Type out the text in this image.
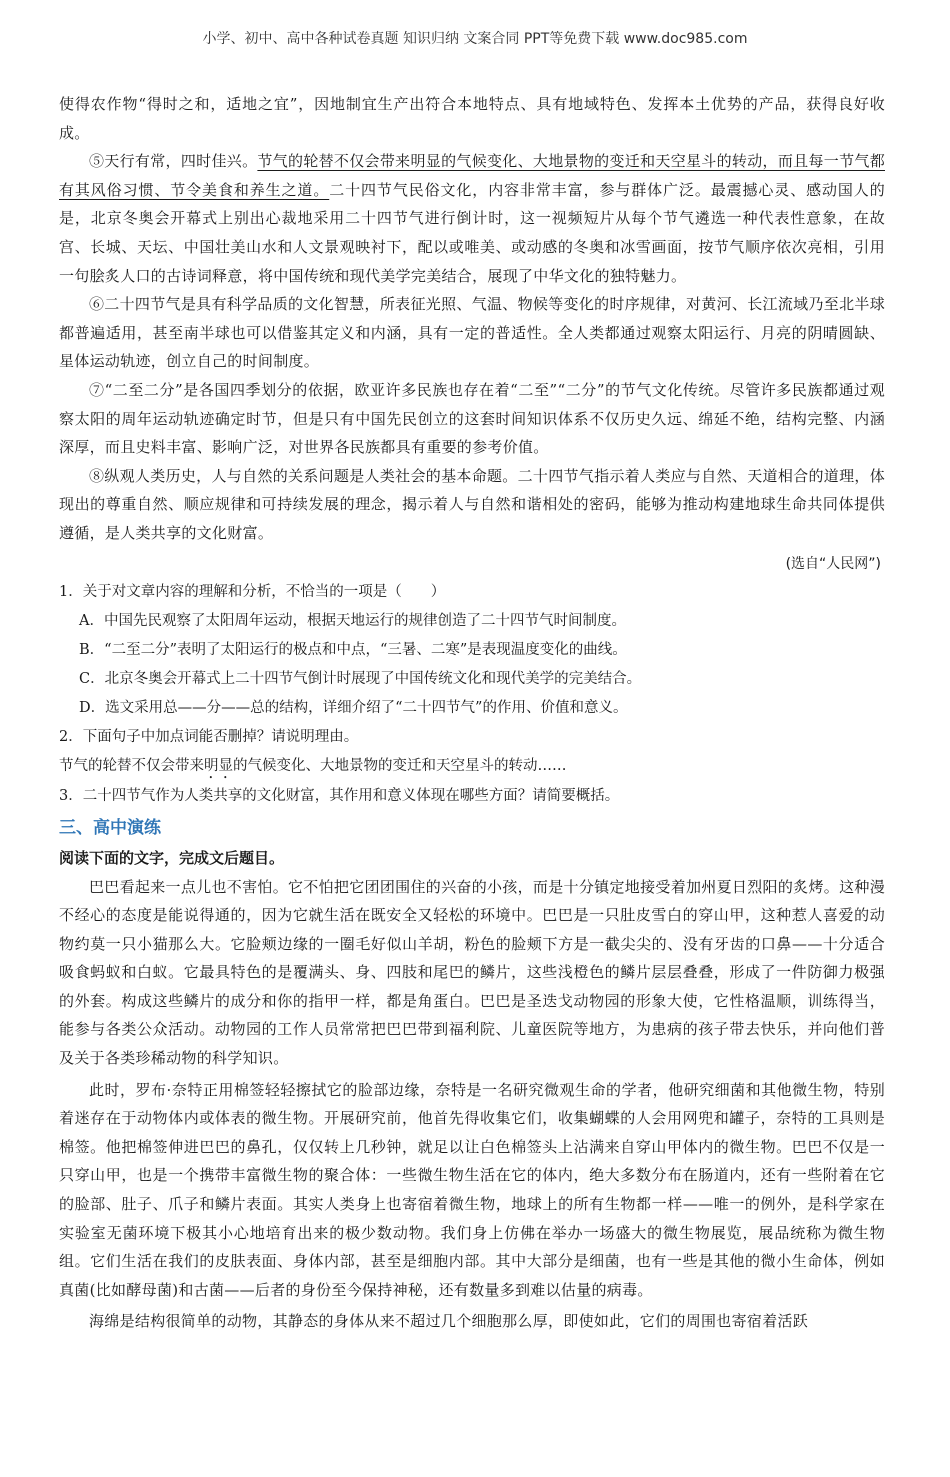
小学、初中、高中各种试卷真题 知识归纳 文案合同 PPT等免费下载 www.doc985.com

使得农作物“得时之和，适地之宜”，因地制宜生产出符合本地特点、具有地域特色、发挥本土优势的产品，获得良好收成。

⑤天行有常，四时佳兴。节气的轮替不仅会带来明显的气候变化、大地景物的变迁和天空星斗的转动，而且每一节气都有其风俗习惯、节令美食和养生之道。二十四节气民俗文化，内容非常丰富，参与群体广泛。最震撼心灵、感动国人的是，北京冬奥会开幕式上别出心裁地采用二十四节气进行倒计时，这一视频短片从每个节气遴选一种代表性意象，在故宫、长城、天坛、中国壮美山水和人文景观映衬下，配以或唯美、或动感的冬奥和冰雪画面，按节气顺序依次亮相，引用一句脍炙人口的古诗词释意，将中国传统和现代美学完美结合，展现了中华文化的独特魅力。

⑥二十四节气是具有科学品质的文化智慧，所表征光照、气温、物候等变化的时序规律，对黄河、长江流域乃至北半球都普遍适用，甚至南半球也可以借鉴其定义和内涵，具有一定的普适性。全人类都通过观察太阳运行、月亮的阴晴圆缺、星体运动轨迹，创立自己的时间制度。

⑦“二至二分”是各国四季划分的依据，欧亚许多民族也存在着“二至”“二分”的节气文化传统。尽管许多民族都通过观察太阳的周年运动轨迹确定时节，但是只有中国先民创立的这套时间知识体系不仅历史久远、绵延不绝，结构完整、内涵深厚，而且史料丰富、影响广泛，对世界各民族都具有重要的参考价值。

⑧纵观人类历史，人与自然的关系问题是人类社会的基本命题。二十四节气指示着人类应与自然、天道相合的道理，体现出的尊重自然、顺应规律和可持续发展的理念，揭示着人与自然和谐相处的密码，能够为推动构建地球生命共同体提供遵循，是人类共享的文化财富。

(选自“人民网”)

1．关于对文章内容的理解和分析，不恰当的一项是（　　）

A．中国先民观察了太阳周年运动，根据天地运行的规律创造了二十四节气时间制度。

B．“二至二分”表明了太阳运行的极点和中点，“三暑、二寒”是表现温度变化的曲线。

C．北京冬奥会开幕式上二十四节气倒计时展现了中国传统文化和现代美学的完美结合。

D．选文采用总——分——总的结构，详细介绍了“二十四节气”的作用、价值和意义。

2．下面句子中加点词能否删掉？请说明理由。

节气的轮替不仅会带来明显的气候变化、大地景物的变迁和天空星斗的转动……

3．二十四节气作为人类共享的文化财富，其作用和意义体现在哪些方面？请简要概括。

三、高中演练

阅读下面的文字，完成文后题目。

巴巴看起来一点儿也不害怕。它不怕把它团团围住的兴奋的小孩，而是十分镇定地接受着加州夏日烈阳的炙烤。这种漫不经心的态度是能说得通的，因为它就生活在既安全又轻松的环境中。巴巴是一只肚皮雪白的穿山甲，这种惹人喜爱的动物约莫一只小猫那么大。它脸颊边缘的一圈毛好似山羊胡，粉色的脸颊下方是一截尖尖的、没有牙齿的口鼻——十分适合吸食蚂蚁和白蚁。它最具特色的是覆满头、身、四肢和尾巴的鳞片，这些浅橙色的鳞片层层叠叠，形成了一件防御力极强的外套。构成这些鳞片的成分和你的指甲一样，都是角蛋白。巴巴是圣迭戈动物园的形象大使，它性格温顺，训练得当，能参与各类公众活动。动物园的工作人员常常把巴巴带到福利院、儿童医院等地方，为患病的孩子带去快乐，并向他们普及关于各类珍稀动物的科学知识。

此时，罗布·奈特正用棉签轻轻擦拭它的脸部边缘，奈特是一名研究微观生命的学者，他研究细菌和其他微生物，特别着迷存在于动物体内或体表的微生物。开展研究前，他首先得收集它们，收集蝴蝶的人会用网兜和罐子，奈特的工具则是棉签。他把棉签伸进巴巴的鼻孔，仅仅转上几秒钟，就足以让白色棉签头上沾满来自穿山甲体内的微生物。巴巴不仅是一只穿山甲，也是一个携带丰富微生物的聚合体：一些微生物生活在它的体内，绝大多数分布在肠道内，还有一些附着在它的脸部、肚子、爪子和鳞片表面。其实人类身上也寄宿着微生物，地球上的所有生物都一样——唯一的例外，是科学家在实验室无菌环境下极其小心地培育出来的极少数动物。我们身上仿佛在举办一场盛大的微生物展览，展品统称为微生物组。它们生活在我们的皮肤表面、身体内部，甚至是细胞内部。其中大部分是细菌，也有一些是其他的微小生命体，例如真菌(比如酵母菌)和古菌——后者的身份至今保持神秘，还有数量多到难以估量的病毒。

海绵是结构很简单的动物，其静态的身体从来不超过几个细胞那么厚，即使如此，它们的周围也寄宿着活跃
